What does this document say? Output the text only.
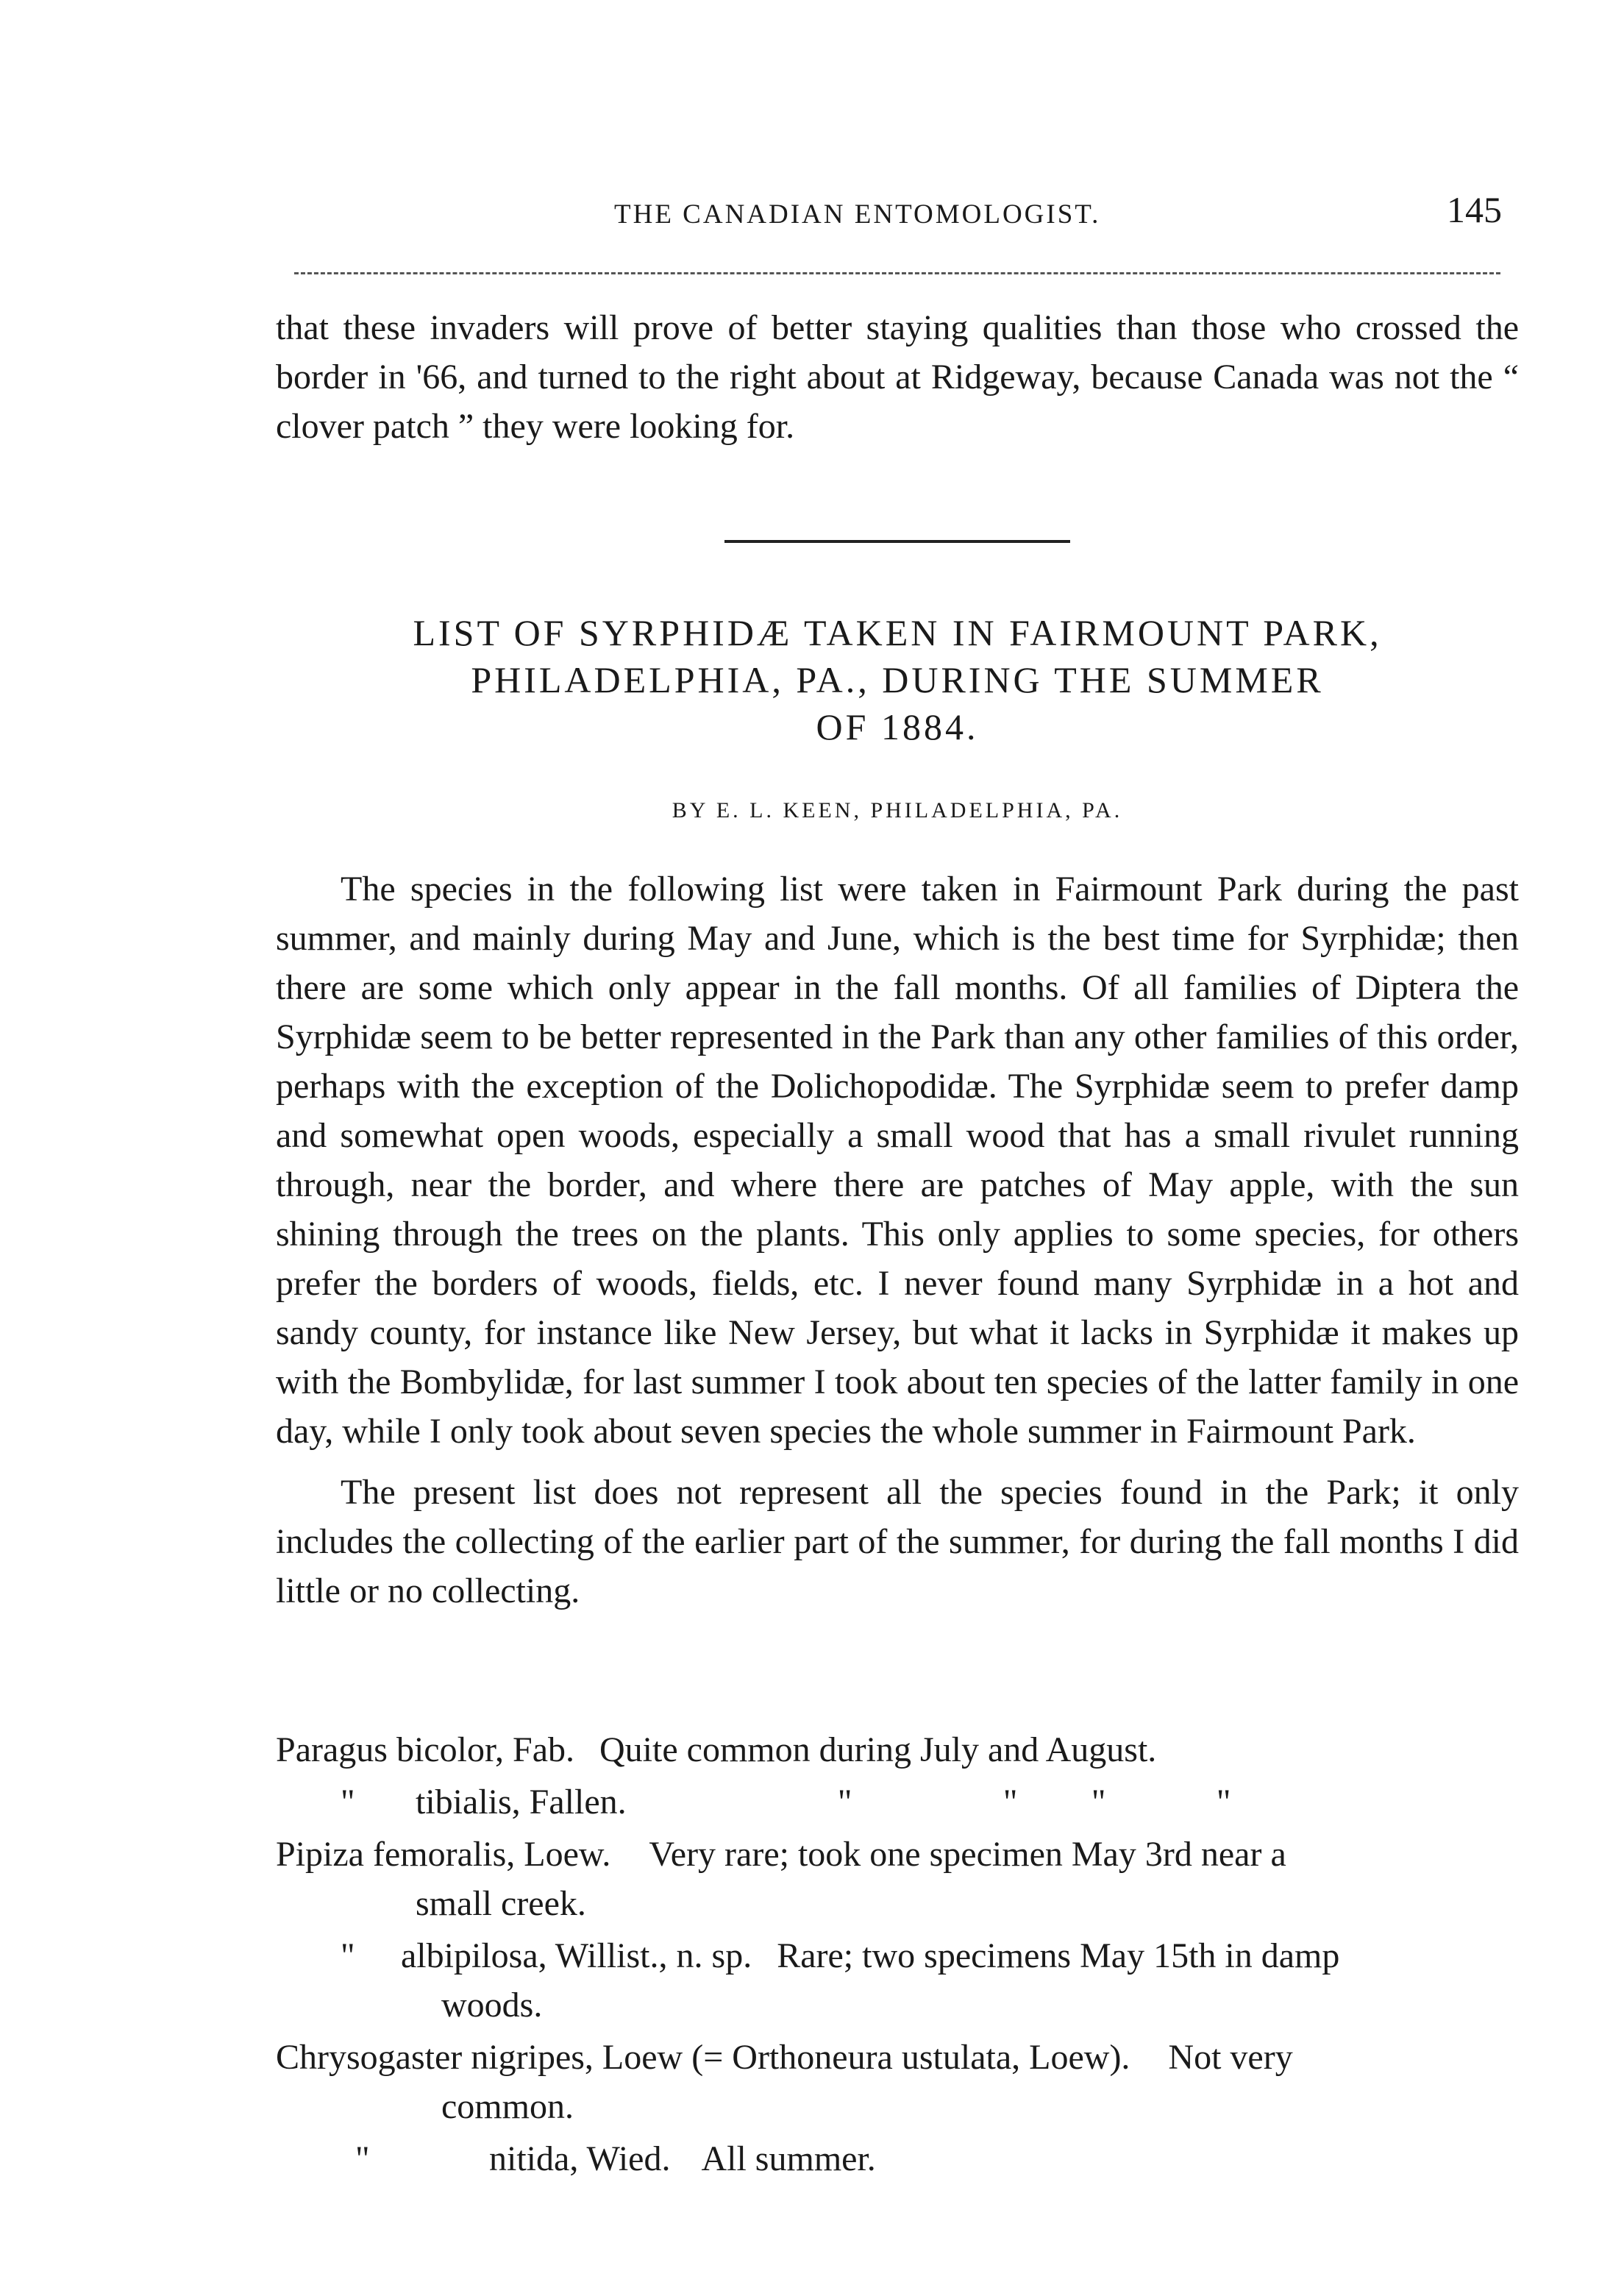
THE CANADIAN ENTOMOLOGIST.	145

that these invaders will prove of better staying qualities than those who crossed the border in '66, and turned to the right about at Ridgeway, because Canada was not the “ clover patch ” they were looking for.

LIST OF SYRPHIDÆ TAKEN IN FAIRMOUNT PARK,
PHILADELPHIA, PA., DURING THE SUMMER
OF 1884.
BY E. L. KEEN, PHILADELPHIA, PA.

The species in the following list were taken in Fairmount Park during the past summer, and mainly during May and June, which is the best time for Syrphidæ; then there are some which only appear in the fall months. Of all families of Diptera the Syrphidæ seem to be better represented in the Park than any other families of this order, perhaps with the exception of the Dolichopodidæ. The Syrphidæ seem to prefer damp and somewhat open woods, especially a small wood that has a small rivulet running through, near the border, and where there are patches of May apple, with the sun shining through the trees on the plants. This only applies to some species, for others prefer the borders of woods, fields, etc. I never found many Syrphidæ in a hot and sandy county, for instance like New Jersey, but what it lacks in Syrphidæ it makes up with the Bombylidæ, for last summer I took about ten species of the latter family in one day, while I only took about seven species the whole summer in Fairmount Park.

The present list does not represent all the species found in the Park; it only includes the collecting of the earlier part of the summer, for during the fall months I did little or no collecting.

Paragus bicolor, Fab. Quite common during July and August.
" tibialis, Fallen.	"	"	"	"
Pipiza femoralis, Loew. Very rare; took one specimen May 3rd near a
small creek.
" albipilosa, Willist., n. sp. Rare; two specimens May 15th in damp
woods.
Chrysogaster nigripes, Loew (= Orthoneura ustulata, Loew). Not very
common.
"	nitida, Wied. All summer.
